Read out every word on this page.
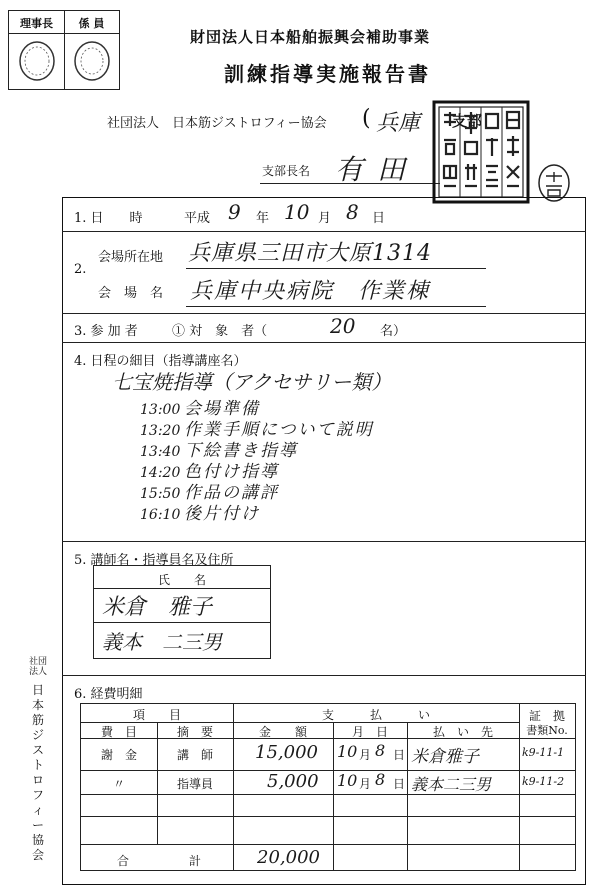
理事長	係 員
財団法人日本船舶振興会補助事業
訓練指導実施報告書
社団法人　日本筋ジストロフィー協会 ( 兵庫 支部
支部長名 有田
1. 日　　時	平成 9 年 10 月 8 日
2.
会場所在地 兵庫県三田市大原1314
会　場　名 兵庫中央病院　作業棟
3. 参 加 者	① 対　象　者（	20 名）
4. 日程の細目（指導講座名）
七宝焼指導（アクセサリー類）
13:00 会場準備
13:20 作業手順について説明
13:40 下絵書き指導
14:20 色付け指導
15:50 作品の講評
16:10 後片付け
5. 講師名・指導員名及住所
氏　　名
米倉　雅子
義本　二三男
6. 経費明細
項　　目
費　目	摘　要
支　　　払　　　い
金　　額	月　日	払　い　先
証　拠
書類No.
謝　金	講　師	15,000 10 月 8 日 米倉雅子	k9-11-1
〃	指導員	5,000 10 月 8 日 義本二三男	k9-11-2
合	計	20,000
社団法人
日本筋ジストロフィー協会
